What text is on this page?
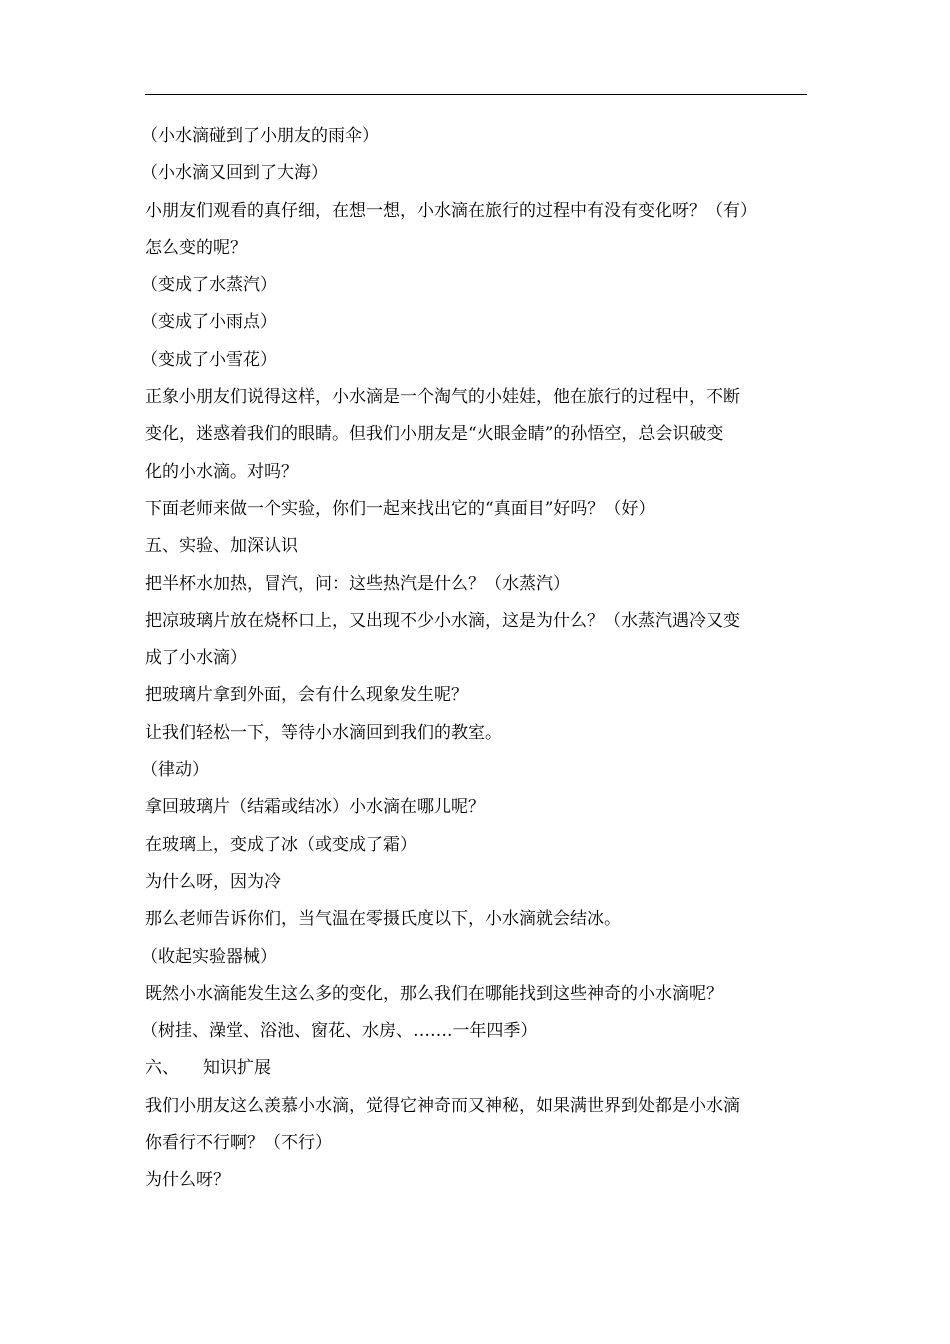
（小水滴碰到了小朋友的雨伞）
（小水滴又回到了大海）
小朋友们观看的真仔细，在想一想，小水滴在旅行的过程中有没有变化呀？（有）
怎么变的呢？
（变成了水蒸汽）
（变成了小雨点）
（变成了小雪花）
正象小朋友们说得这样，小水滴是一个淘气的小娃娃，他在旅行的过程中，不断
变化，迷惑着我们的眼睛。但我们小朋友是“火眼金睛”的孙悟空，总会识破变
化的小水滴。对吗？
下面老师来做一个实验，你们一起来找出它的“真面目”好吗？（好）
五、实验、加深认识
把半杯水加热，冒汽，问：这些热汽是什么？（水蒸汽）
把凉玻璃片放在烧杯口上，又出现不少小水滴，这是为什么？（水蒸汽遇冷又变
成了小水滴）
把玻璃片拿到外面，会有什么现象发生呢？
让我们轻松一下，等待小水滴回到我们的教室。
（律动）
拿回玻璃片（结霜或结冰）小水滴在哪儿呢？
在玻璃上，变成了冰（或变成了霜）
为什么呀，因为冷
那么老师告诉你们，当气温在零摄氏度以下，小水滴就会结冰。
（收起实验器械）
既然小水滴能发生这么多的变化，那么我们在哪能找到这些神奇的小水滴呢？
（树挂、澡堂、浴池、窗花、水房、…….一年四季）
六、 知识扩展
我们小朋友这么羡慕小水滴，觉得它神奇而又神秘，如果满世界到处都是小水滴
你看行不行啊？（不行）
为什么呀？
